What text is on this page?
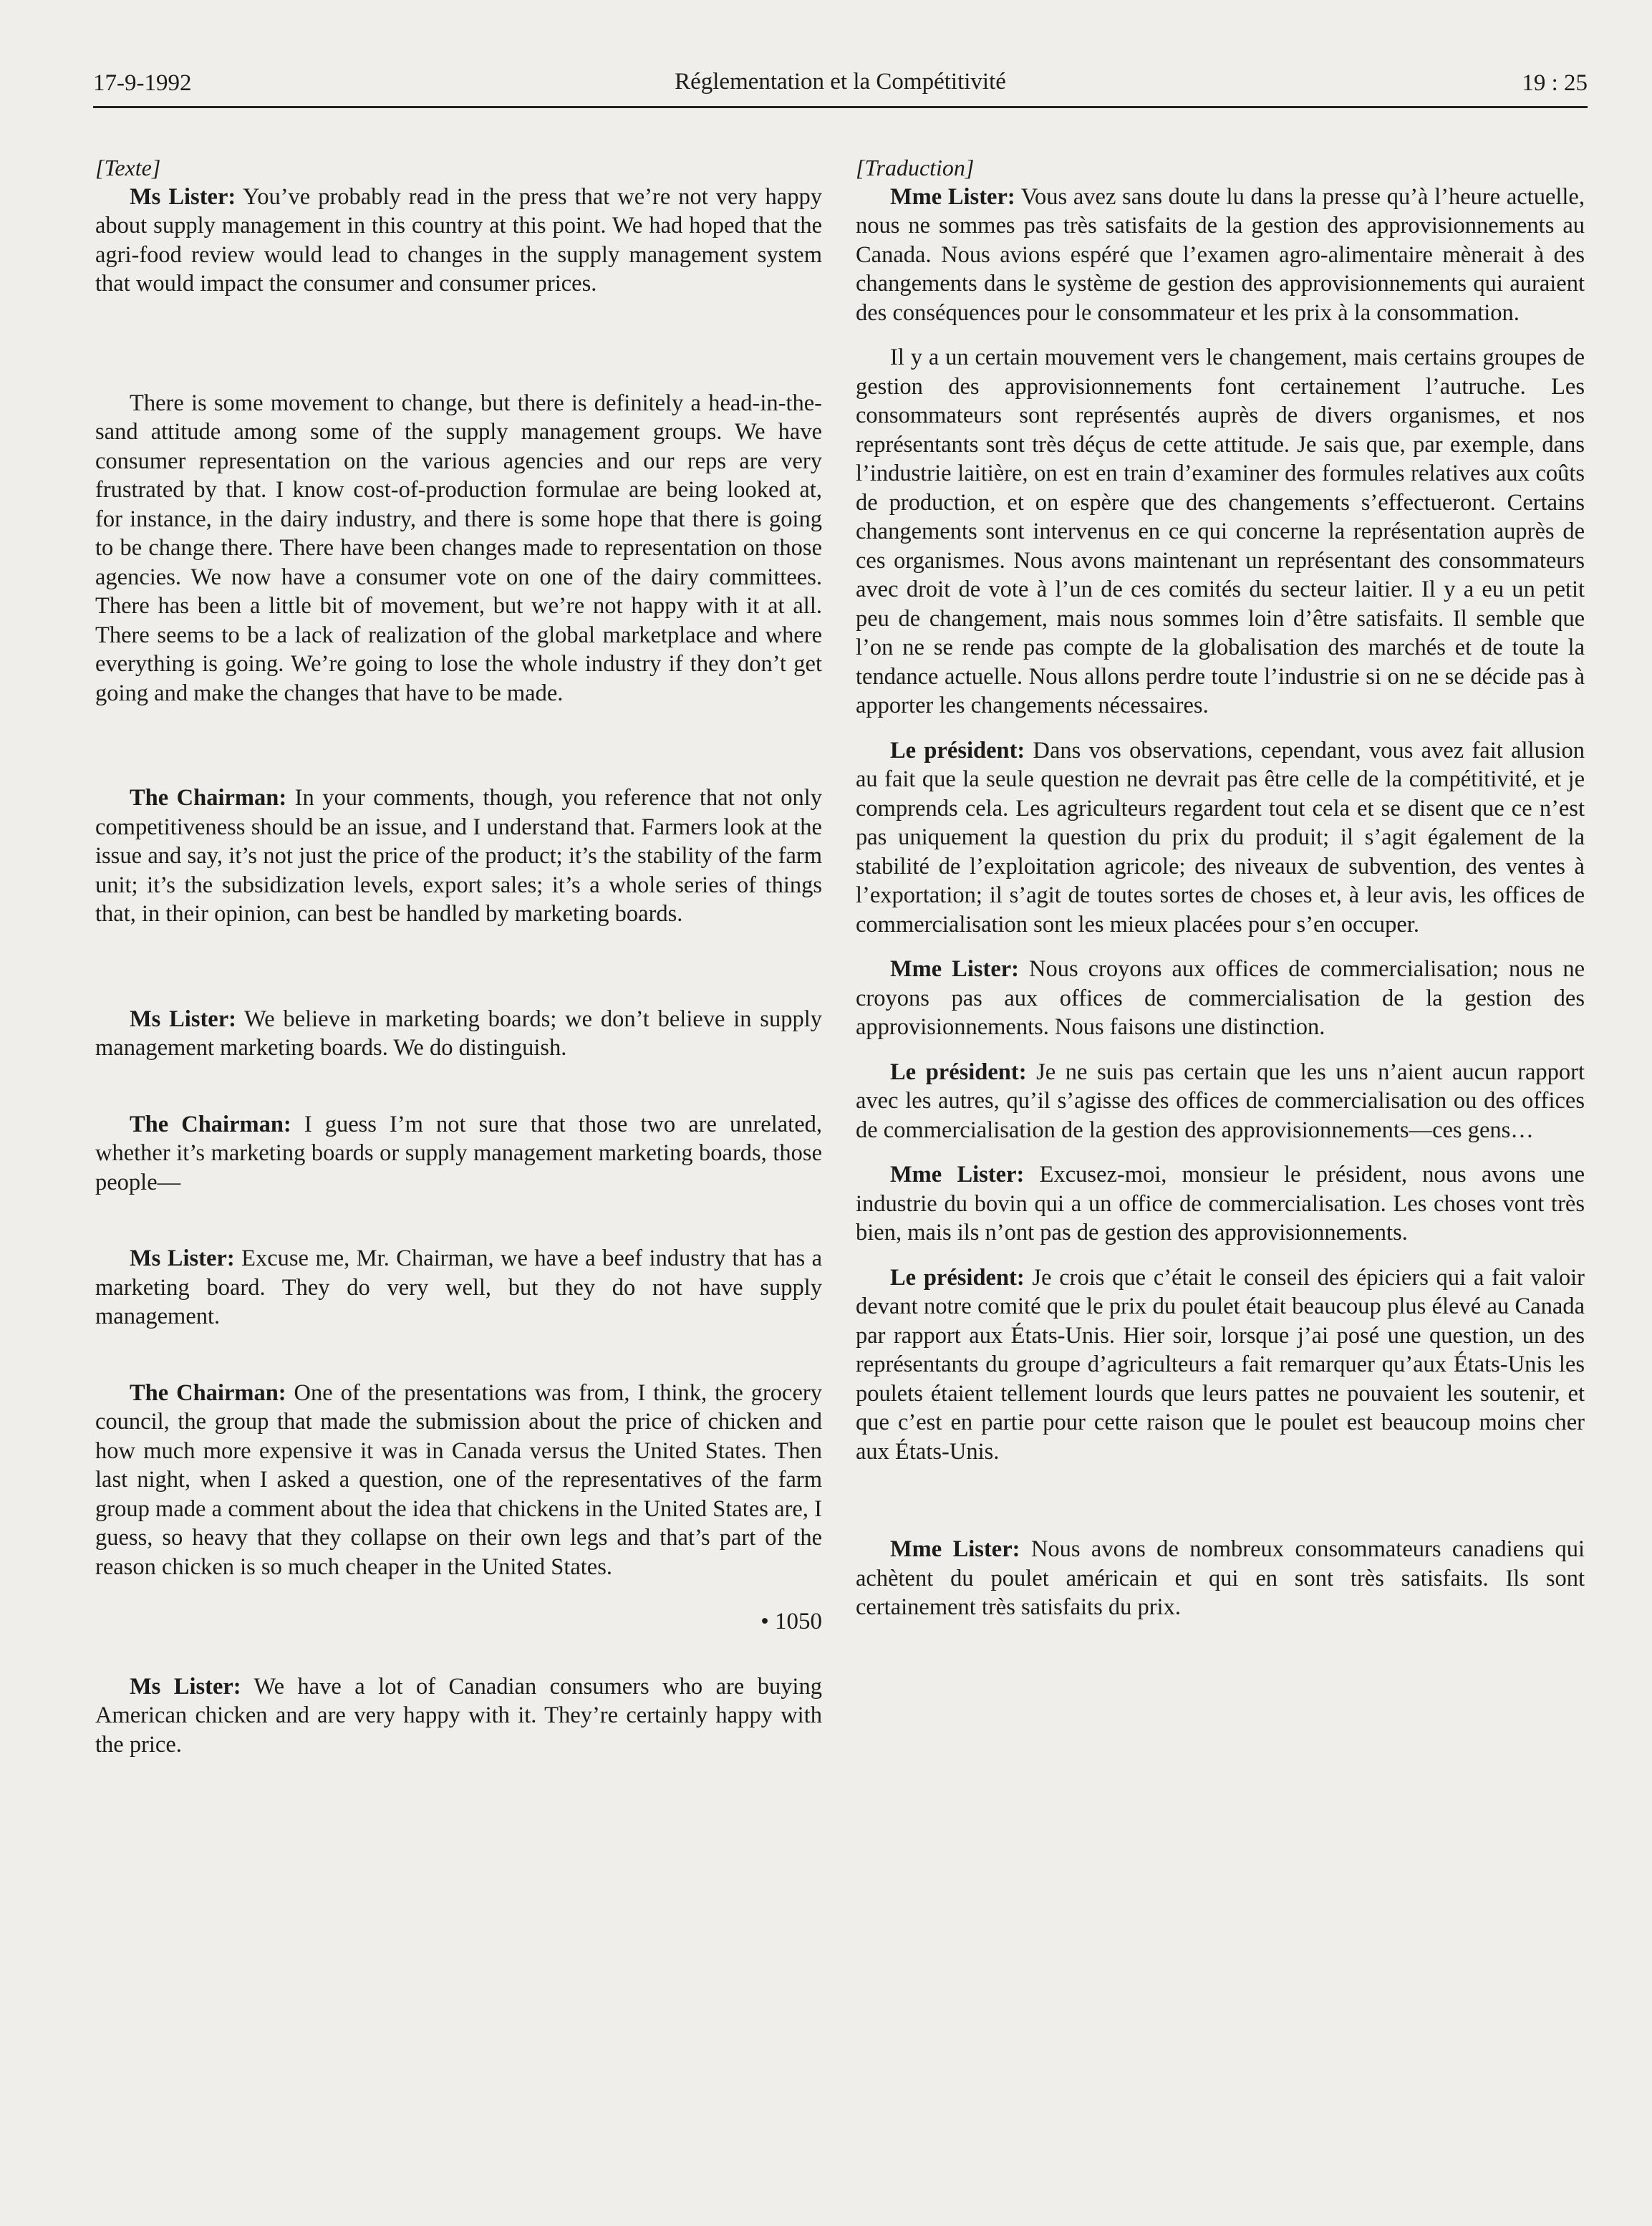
17-9-1992	Réglementation et la Compétitivité	19 : 25

[Texte]

Ms Lister: You’ve probably read in the press that we’re not very happy about supply management in this country at this point. We had hoped that the agri-food review would lead to changes in the supply management system that would impact the consumer and consumer prices.

There is some movement to change, but there is definitely a head-in-the-sand attitude among some of the supply management groups. We have consumer representation on the various agencies and our reps are very frustrated by that. I know cost-of-production formulae are being looked at, for instance, in the dairy industry, and there is some hope that there is going to be change there. There have been changes made to representation on those agencies. We now have a consumer vote on one of the dairy committees. There has been a little bit of movement, but we’re not happy with it at all. There seems to be a lack of realization of the global marketplace and where everything is going. We’re going to lose the whole industry if they don’t get going and make the changes that have to be made.

The Chairman: In your comments, though, you reference that not only competitiveness should be an issue, and I understand that. Farmers look at the issue and say, it’s not just the price of the product; it’s the stability of the farm unit; it’s the subsidization levels, export sales; it’s a whole series of things that, in their opinion, can best be handled by marketing boards.

Ms Lister: We believe in marketing boards; we don’t believe in supply management marketing boards. We do distinguish.

The Chairman: I guess I’m not sure that those two are unrelated, whether it’s marketing boards or supply management marketing boards, those people—

Ms Lister: Excuse me, Mr. Chairman, we have a beef industry that has a marketing board. They do very well, but they do not have supply management.

The Chairman: One of the presentations was from, I think, the grocery council, the group that made the submission about the price of chicken and how much more expensive it was in Canada versus the United States. Then last night, when I asked a question, one of the representatives of the farm group made a comment about the idea that chickens in the United States are, I guess, so heavy that they collapse on their own legs and that’s part of the reason chicken is so much cheaper in the United States.

• 1050

Ms Lister: We have a lot of Canadian consumers who are buying American chicken and are very happy with it. They’re certainly happy with the price.

[Traduction]

Mme Lister: Vous avez sans doute lu dans la presse qu’à l’heure actuelle, nous ne sommes pas très satisfaits de la gestion des approvisionnements au Canada. Nous avions espéré que l’examen agro-alimentaire mènerait à des changements dans le système de gestion des approvisionnements qui auraient des conséquences pour le consommateur et les prix à la consommation.

Il y a un certain mouvement vers le changement, mais certains groupes de gestion des approvisionnements font certainement l’autruche. Les consommateurs sont représentés auprès de divers organismes, et nos représentants sont très déçus de cette attitude. Je sais que, par exemple, dans l’industrie laitière, on est en train d’examiner des formules relatives aux coûts de production, et on espère que des changements s’effectueront. Certains changements sont intervenus en ce qui concerne la représentation auprès de ces organismes. Nous avons maintenant un représentant des consommateurs avec droit de vote à l’un de ces comités du secteur laitier. Il y a eu un petit peu de changement, mais nous sommes loin d’être satisfaits. Il semble que l’on ne se rende pas compte de la globalisation des marchés et de toute la tendance actuelle. Nous allons perdre toute l’industrie si on ne se décide pas à apporter les changements nécessaires.

Le président: Dans vos observations, cependant, vous avez fait allusion au fait que la seule question ne devrait pas être celle de la compétitivité, et je comprends cela. Les agriculteurs regardent tout cela et se disent que ce n’est pas uniquement la question du prix du produit; il s’agit également de la stabilité de l’exploitation agricole; des niveaux de subvention, des ventes à l’exportation; il s’agit de toutes sortes de choses et, à leur avis, les offices de commercialisation sont les mieux placées pour s’en occuper.

Mme Lister: Nous croyons aux offices de commercialisation; nous ne croyons pas aux offices de commercialisation de la gestion des approvisionnements. Nous faisons une distinction.

Le président: Je ne suis pas certain que les uns n’aient aucun rapport avec les autres, qu’il s’agisse des offices de commercialisation ou des offices de commercialisation de la gestion des approvisionnements—ces gens…

Mme Lister: Excusez-moi, monsieur le président, nous avons une industrie du bovin qui a un office de commercialisation. Les choses vont très bien, mais ils n’ont pas de gestion des approvisionnements.

Le président: Je crois que c’était le conseil des épiciers qui a fait valoir devant notre comité que le prix du poulet était beaucoup plus élevé au Canada par rapport aux États-Unis. Hier soir, lorsque j’ai posé une question, un des représentants du groupe d’agriculteurs a fait remarquer qu’aux États-Unis les poulets étaient tellement lourds que leurs pattes ne pouvaient les soutenir, et que c’est en partie pour cette raison que le poulet est beaucoup moins cher aux États-Unis.

Mme Lister: Nous avons de nombreux consommateurs canadiens qui achètent du poulet américain et qui en sont très satisfaits. Ils sont certainement très satisfaits du prix.
